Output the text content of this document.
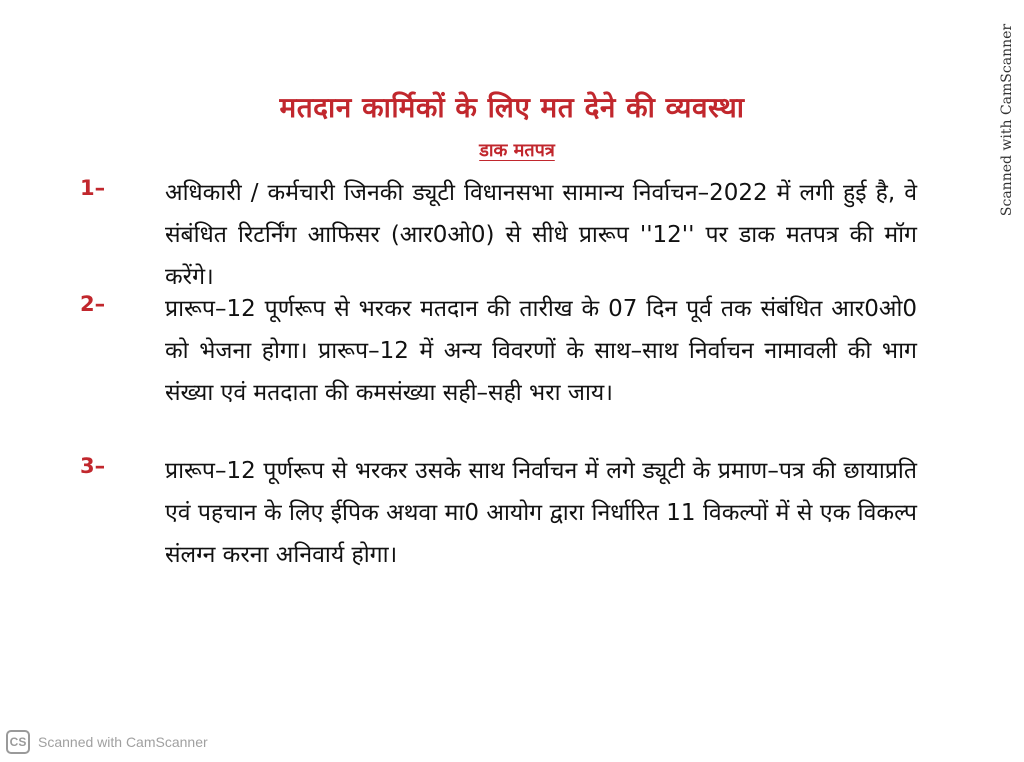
मतदान कार्मिकों के लिए मत देने की व्यवस्था
डाक मतपत्र
1–	अधिकारी / कर्मचारी जिनकी ड्यूटी विधानसभा सामान्य निर्वाचन–2022 में लगी हुई है, वे संबंधित रिटर्निंग आफिसर (आर0ओ0) से सीधे प्रारूप ''12'' पर डाक मतपत्र की मॉग करेंगे।
2–	प्रारूप–12 पूर्णरूप से भरकर मतदान की तारीख के 07 दिन पूर्व तक संबंधित आर0ओ0 को भेजना होगा। प्रारूप–12 में अन्य विवरणों के साथ–साथ निर्वाचन नामावली की भाग संख्या एवं मतदाता की कमसंख्या सही–सही भरा जाय।
3–	प्रारूप–12 पूर्णरूप से भरकर उसके साथ निर्वाचन में लगे ड्यूटी के प्रमाण–पत्र की छायाप्रति एवं पहचान के लिए ईपिक अथवा मा0 आयोग द्वारा निर्धारित 11 विकल्पों में से एक विकल्प संलग्न करना अनिवार्य होगा।
Scanned with CamScanner
CS Scanned with CamScanner
